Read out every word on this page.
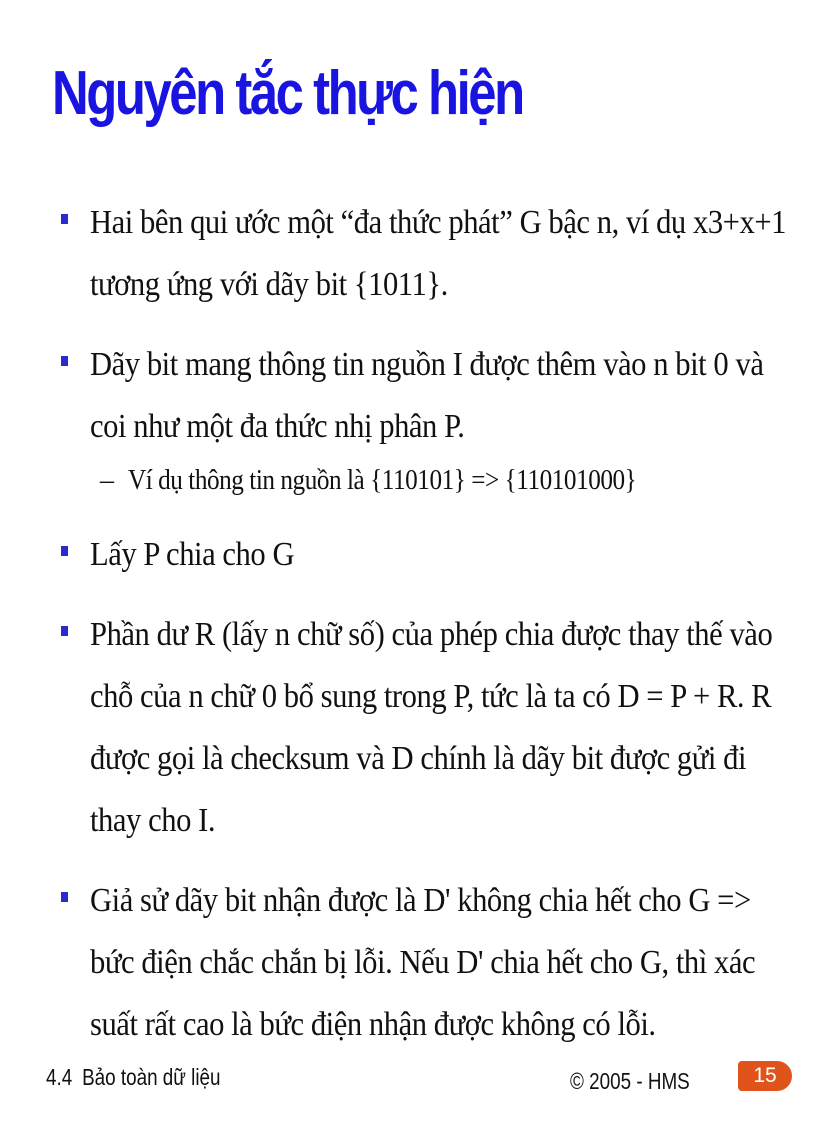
Nguyên tắc thực hiện
Hai bên qui ước một “đa thức phát” G bậc n, ví dụ x3+x+1 tương ứng với dãy bit {1011}.
Dãy bit mang thông tin nguồn I được thêm vào n bit 0 và coi như một đa thức nhị phân P.
– Ví dụ thông tin nguồn là {110101} => {110101000}
Lấy P chia cho G
Phần dư R (lấy n chữ số) của phép chia được thay thế vào chỗ của n chữ 0 bổ sung trong P, tức là ta có D = P + R. R được gọi là checksum và D chính là dãy bit được gửi đi thay cho I.
Giả sử dãy bit nhận được là D' không chia hết cho G => bức điện chắc chắn bị lỗi. Nếu D' chia hết cho G, thì xác suất rất cao là bức điện nhận được không có lỗi.
4.4 Bảo toàn dữ liệu	© 2005 - HMS	15
